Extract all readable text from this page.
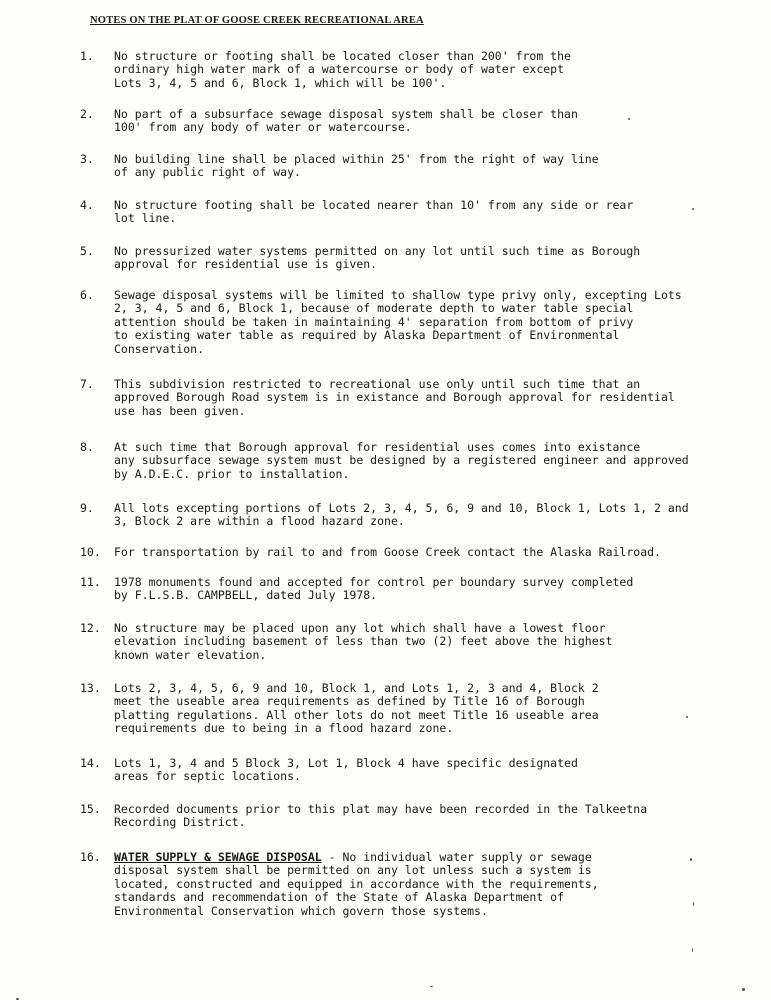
NOTES ON THE PLAT OF GOOSE CREEK RECREATIONAL AREA
1.	No structure or footing shall be located closer than 200' from the
ordinary high water mark of a watercourse or body of water except
Lots 3, 4, 5 and 6, Block 1, which will be 100'.
2.	No part of a subsurface sewage disposal system shall be closer than
100' from any body of water or watercourse.
3.	No building line shall be placed within 25' from the right of way line
of any public right of way.
4.	No structure footing shall be located nearer than 10' from any side or rear
lot line.
5.	No pressurized water systems permitted on any lot until such time as Borough
approval for residential use is given.
6.	Sewage disposal systems will be limited to shallow type privy only, excepting Lots
2, 3, 4, 5 and 6, Block 1, because of moderate depth to water table special
attention should be taken in maintaining 4' separation from bottom of privy
to existing water table as required by Alaska Department of Environmental
Conservation.
7.	This subdivision restricted to recreational use only until such time that an
approved Borough Road system is in existance and Borough approval for residential
use has been given.
8.	At such time that Borough approval for residential uses comes into existance
any subsurface sewage system must be designed by a registered engineer and approved
by A.D.E.C. prior to installation.
9.	All lots excepting portions of Lots 2, 3, 4, 5, 6, 9 and 10, Block 1, Lots 1, 2 and
3, Block 2 are within a flood hazard zone.
10.	For transportation by rail to and from Goose Creek contact the Alaska Railroad.
11.	1978 monuments found and accepted for control per boundary survey completed
by F.L.S.B. CAMPBELL, dated July 1978.
12.	No structure may be placed upon any lot which shall have a lowest floor
elevation including basement of less than two (2) feet above the highest
known water elevation.
13.	Lots 2, 3, 4, 5, 6, 9 and 10, Block 1, and Lots 1, 2, 3 and 4, Block 2
meet the useable area requirements as defined by Title 16 of Borough
platting regulations. All other lots do not meet Title 16 useable area
requirements due to being in a flood hazard zone.
14.	Lots 1, 3, 4 and 5 Block 3, Lot 1, Block 4 have specific designated
areas for septic locations.
15.	Recorded documents prior to this plat may have been recorded in the Talkeetna
Recording District.
16.	WATER SUPPLY & SEWAGE DISPOSAL - No individual water supply or sewage
disposal system shall be permitted on any lot unless such a system is
located, constructed and equipped in accordance with the requirements,
standards and recommendation of the State of Alaska Department of
Environmental Conservation which govern those systems.
